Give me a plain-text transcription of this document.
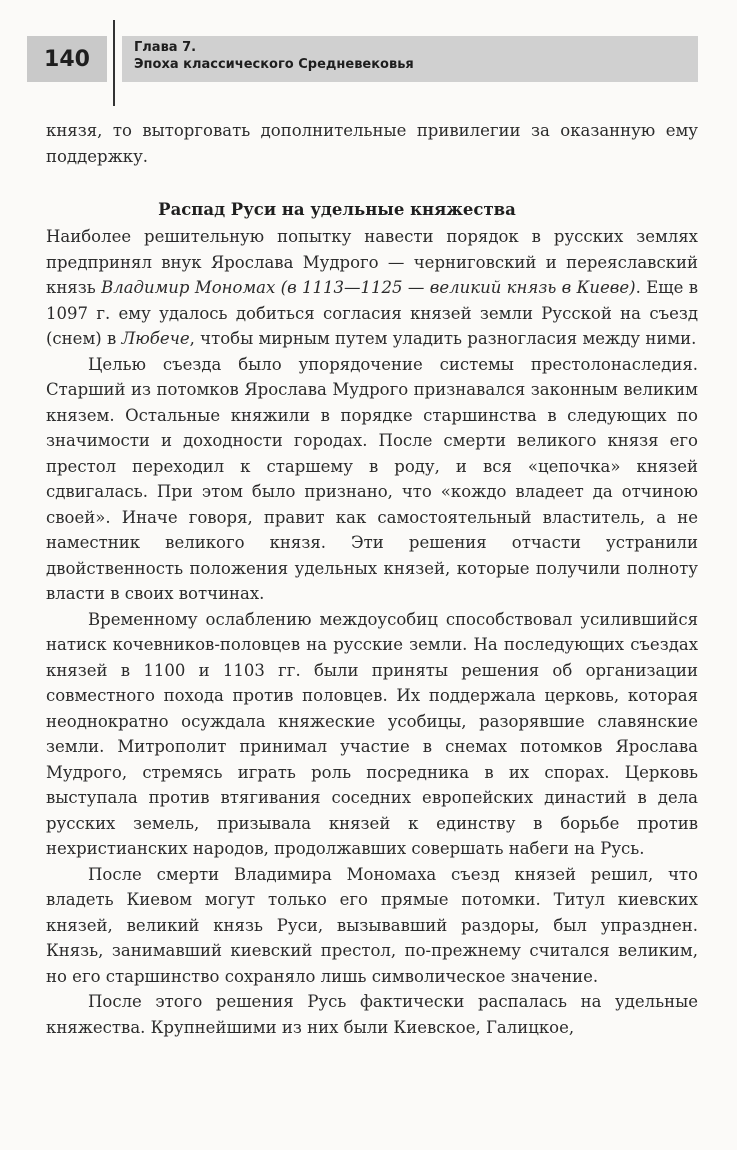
140	Глава 7.
Эпоха классического Средневековья

князя, то выторговать дополнительные привилегии за оказанную ему поддержку.

Распад Руси на удельные княжества

Наиболее решительную попытку навести порядок в русских землях предпринял внук Ярослава Мудрого — черниговский и переяславский князь Владимир Мономах (в 1113—1125 — великий князь в Киеве). Еще в 1097 г. ему удалось добиться согласия князей земли Русской на съезд (снем) в Любече, чтобы мирным путем уладить разногласия между ними.

Целью съезда было упорядочение системы престолонаследия. Старший из потомков Ярослава Мудрого признавался законным великим князем. Остальные княжили в порядке старшинства в следующих по значимости и доходности городах. После смерти великого князя его престол переходил к старшему в роду, и вся «цепочка» князей сдвигалась. При этом было признано, что «кождо владеет да отчиною своей». Иначе говоря, правит как самостоятельный властитель, а не наместник великого князя. Эти решения отчасти устранили двойственность положения удельных князей, которые получили полноту власти в своих вотчинах.

Временному ослаблению междоусобиц способствовал усилившийся натиск кочевников-половцев на русские земли. На последующих съездах князей в 1100 и 1103 гг. были приняты решения об организации совместного похода против половцев. Их поддержала церковь, которая неоднократно осуждала княжеские усобицы, разорявшие славянские земли. Митрополит принимал участие в снемах потомков Ярослава Мудрого, стремясь играть роль посредника в их спорах. Церковь выступала против втягивания соседних европейских династий в дела русских земель, призывала князей к единству в борьбе против нехристианских народов, продолжавших совершать набеги на Русь.

После смерти Владимира Мономаха съезд князей решил, что владеть Киевом могут только его прямые потомки. Титул киевских князей, великий князь Руси, вызывавший раздоры, был упразднен. Князь, занимавший киевский престол, по-прежнему считался великим, но его старшинство сохраняло лишь символическое значение.

После этого решения Русь фактически распалась на удельные княжества. Крупнейшими из них были Киевское, Галицкое,
